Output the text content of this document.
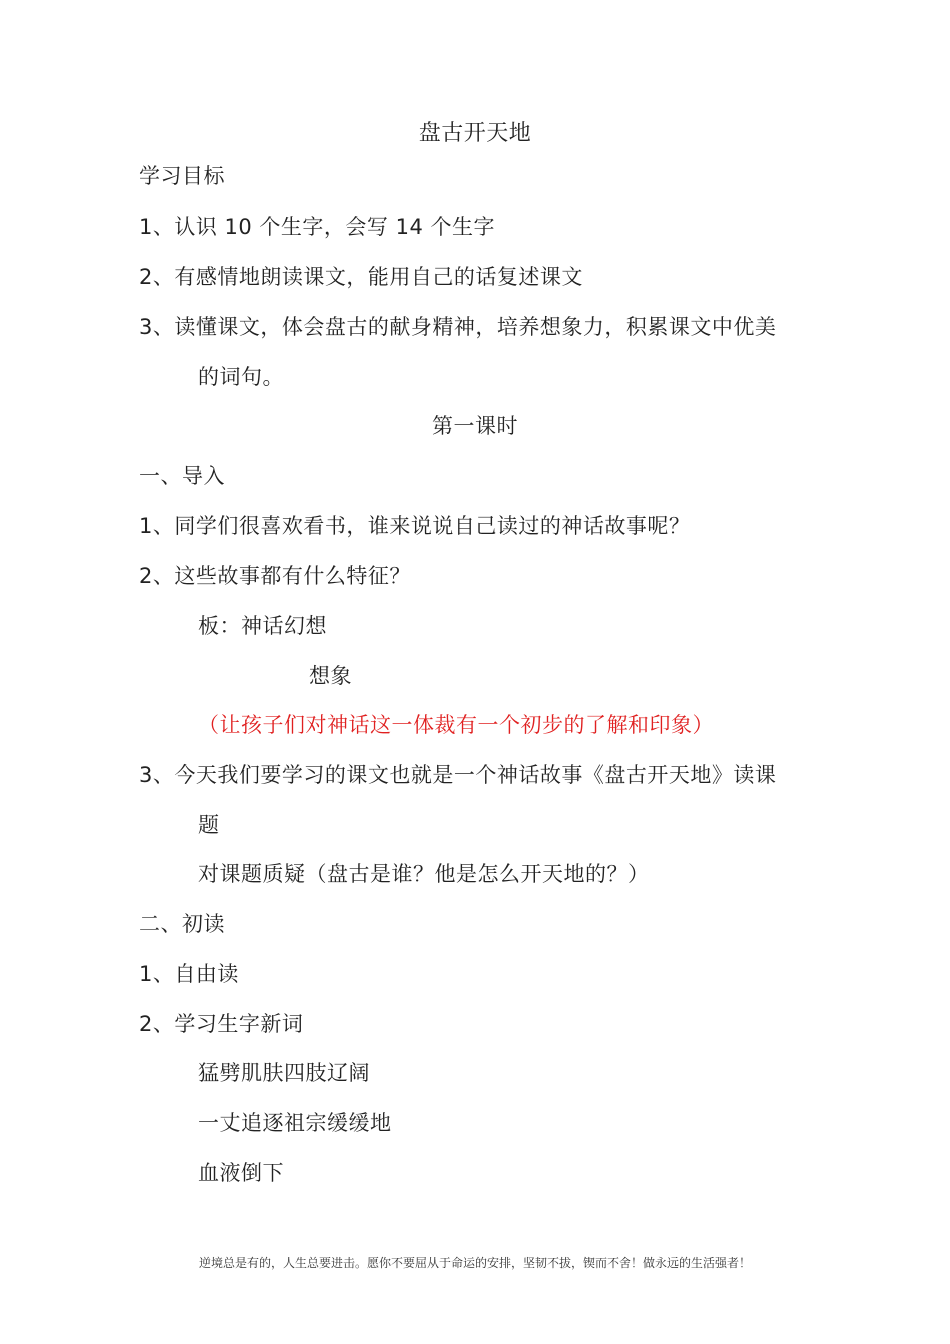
盘古开天地
学习目标
1、认识 10 个生字，会写 14 个生字
2、有感情地朗读课文，能用自己的话复述课文
3、读懂课文，体会盘古的献身精神，培养想象力，积累课文中优美
的词句。
第一课时
一、导入
1、同学们很喜欢看书，谁来说说自己读过的神话故事呢？
2、这些故事都有什么特征？
板：神话幻想
想象
（让孩子们对神话这一体裁有一个初步的了解和印象）
3、今天我们要学习的课文也就是一个神话故事《盘古开天地》读课
题
对课题质疑（盘古是谁？他是怎么开天地的？）
二、初读
1、自由读
2、学习生字新词
猛劈肌肤四肢辽阔
一丈追逐祖宗缓缓地
血液倒下
逆境总是有的，人生总要进击。愿你不要屈从于命运的安排，坚韧不拔，锲而不舍！做永远的生活强者！
